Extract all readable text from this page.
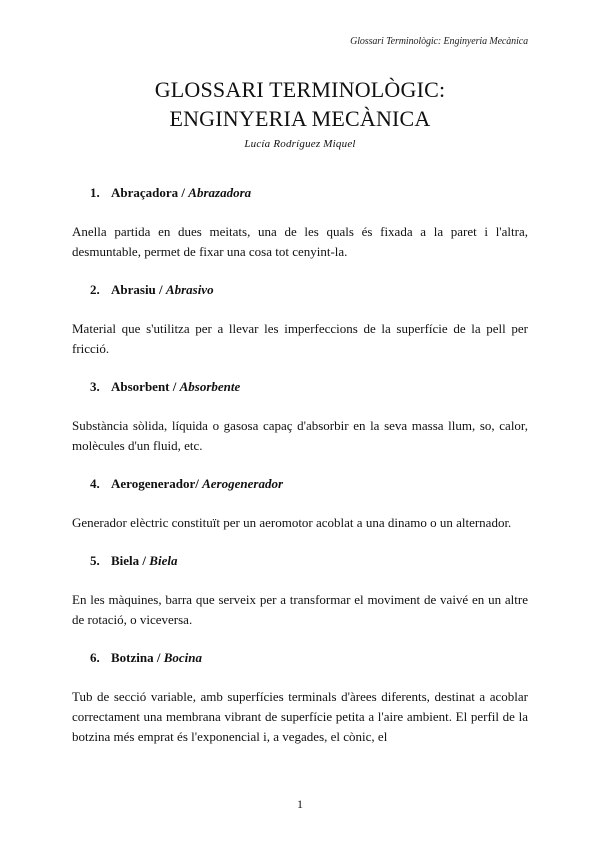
Glossari Terminològic: Enginyeria Mecànica
GLOSSARI TERMINOLÒGIC:
ENGINYERIA MECÀNICA
Lucía Rodríguez Miquel
1. Abraçadora / Abrazadora
Anella partida en dues meitats, una de les quals és fixada a la paret i l'altra, desmuntable, permet de fixar una cosa tot cenyint-la.
2. Abrasiu / Abrasivo
Material que s'utilitza per a llevar les imperfeccions de la superfície de la pell per fricció.
3. Absorbent / Absorbente
Substància sòlida, líquida o gasosa capaç d'absorbir en la seva massa llum, so, calor, molècules d'un fluid, etc.
4. Aerogenerador/ Aerogenerador
Generador elèctric constituït per un aeromotor acoblat a una dinamo o un alternador.
5. Biela / Biela
En les màquines, barra que serveix per a transformar el moviment de vaivé en un altre de rotació, o viceversa.
6. Botzina / Bocina
Tub de secció variable, amb superfícies terminals d'àrees diferents, destinat a acoblar correctament una membrana vibrant de superfície petita a l'aire ambient. El perfil de la botzina més emprat és l'exponencial i, a vegades, el cònic, el
1
